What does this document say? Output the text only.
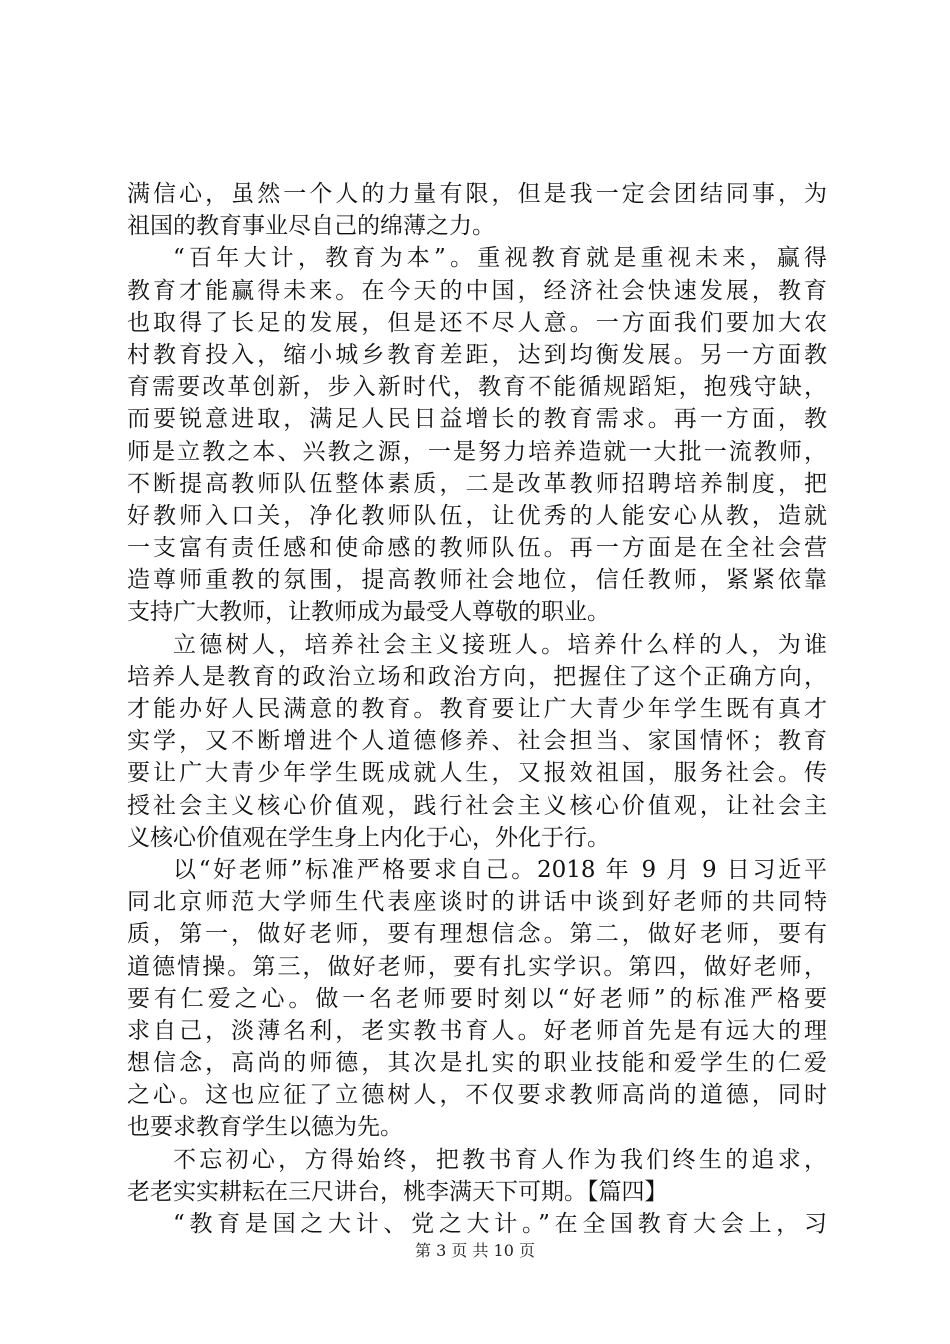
满信心，虽然一个人的力量有限，但是我一定会团结同事，为
祖国的教育事业尽自己的绵薄之力。
“百年大计，教育为本”。重视教育就是重视未来，赢得
教育才能赢得未来。在今天的中国，经济社会快速发展，教育
也取得了长足的发展，但是还不尽人意。一方面我们要加大农
村教育投入，缩小城乡教育差距，达到均衡发展。另一方面教
育需要改革创新，步入新时代，教育不能循规蹈矩，抱残守缺，
而要锐意进取，满足人民日益增长的教育需求。再一方面，教
师是立教之本、兴教之源，一是努力培养造就一大批一流教师，
不断提高教师队伍整体素质，二是改革教师招聘培养制度，把
好教师入口关，净化教师队伍，让优秀的人能安心从教，造就
一支富有责任感和使命感的教师队伍。再一方面是在全社会营
造尊师重教的氛围，提高教师社会地位，信任教师，紧紧依靠
支持广大教师，让教师成为最受人尊敬的职业。
立德树人，培养社会主义接班人。培养什么样的人，为谁
培养人是教育的政治立场和政治方向，把握住了这个正确方向，
才能办好人民满意的教育。教育要让广大青少年学生既有真才
实学，又不断增进个人道德修养、社会担当、家国情怀；教育
要让广大青少年学生既成就人生，又报效祖国，服务社会。传
授社会主义核心价值观，践行社会主义核心价值观，让社会主
义核心价值观在学生身上内化于心，外化于行。
以“好老师”标准严格要求自己。2018 年 9 月 9 日习近平
同北京师范大学师生代表座谈时的讲话中谈到好老师的共同特
质，第一，做好老师，要有理想信念。第二，做好老师，要有
道德情操。第三，做好老师，要有扎实学识。第四，做好老师，
要有仁爱之心。做一名老师要时刻以“好老师”的标准严格要
求自己，淡薄名利，老实教书育人。好老师首先是有远大的理
想信念，高尚的师德，其次是扎实的职业技能和爱学生的仁爱
之心。这也应征了立德树人，不仅要求教师高尚的道德，同时
也要求教育学生以德为先。
不忘初心，方得始终，把教书育人作为我们终生的追求，
老老实实耕耘在三尺讲台，桃李满天下可期。【篇四】
“教育是国之大计、党之大计。”在全国教育大会上，习
第 3 页 共 10 页
